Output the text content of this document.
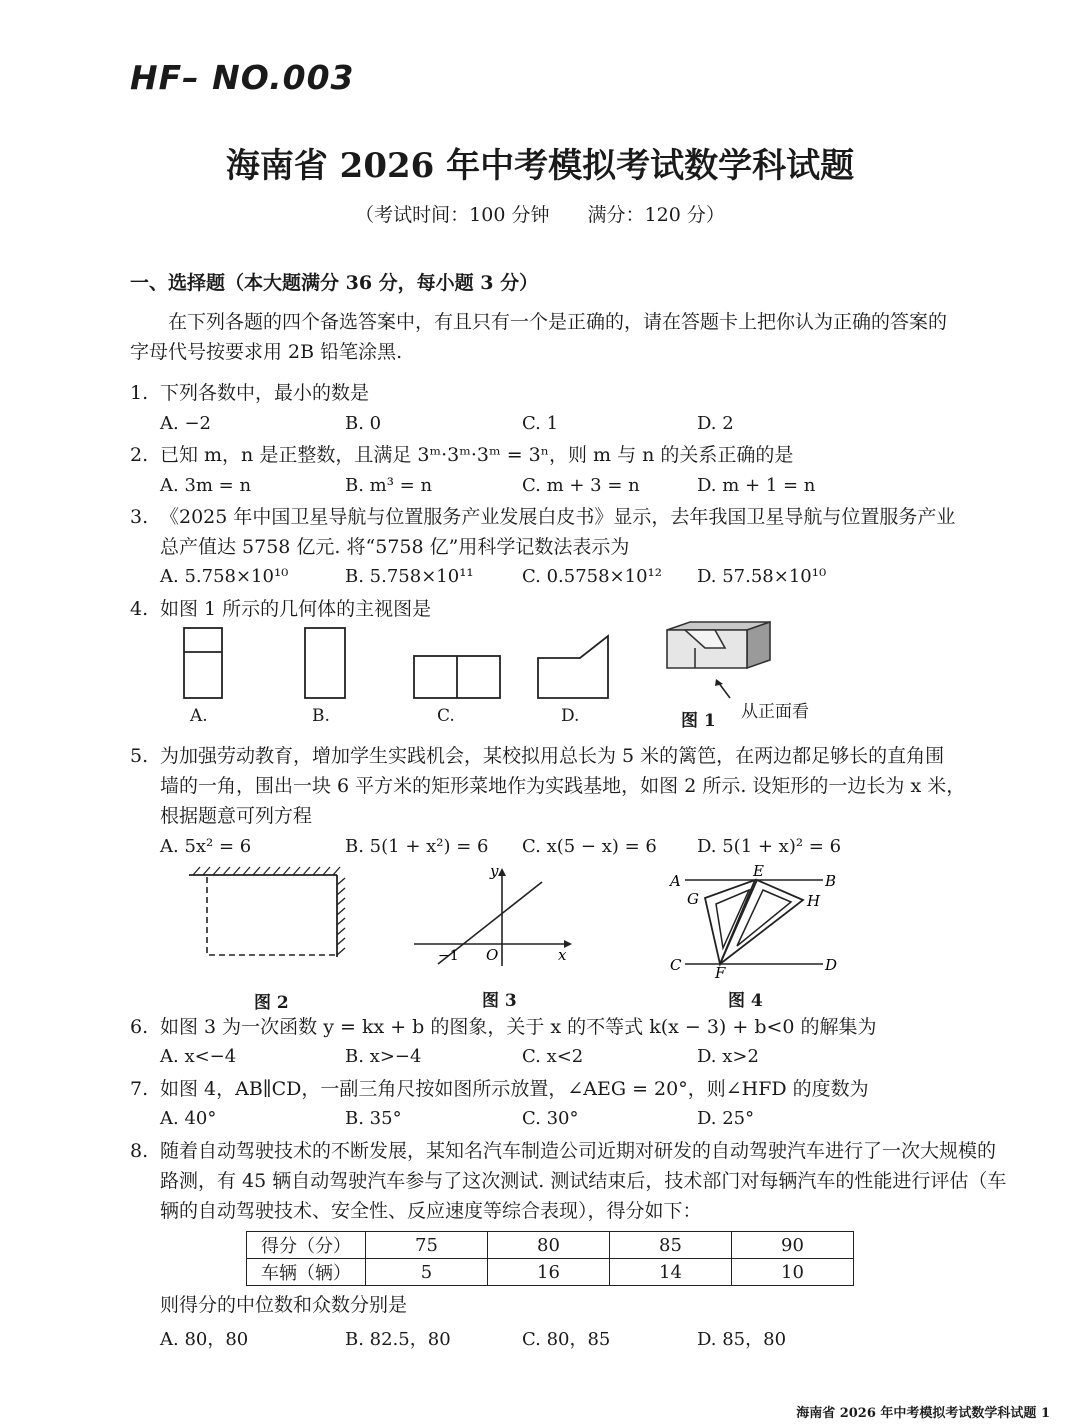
HF– NO.003
海南省 2026 年中考模拟考试数学科试题
（考试时间：100 分钟 满分：120 分）
一、选择题（本大题满分 36 分，每小题 3 分）
在下列各题的四个备选答案中，有且只有一个是正确的，请在答题卡上把你认为正确的答案的
字母代号按要求用 2B 铅笔涂黑.
1. 下列各数中，最小的数是
A. −2	B. 0	C. 1	D. 2
2. 已知 m，n 是正整数，且满足 3ᵐ·3ᵐ·3ᵐ = 3ⁿ，则 m 与 n 的关系正确的是
A. 3m = n	B. m³ = n	C. m + 3 = n	D. m + 1 = n
3. 《2025 年中国卫星导航与位置服务产业发展白皮书》显示，去年我国卫星导航与位置服务产业
总产值达 5758 亿元. 将“5758 亿”用科学记数法表示为
A. 5.758×10¹⁰	B. 5.758×10¹¹	C. 0.5758×10¹² D. 57.58×10¹⁰
4. 如图 1 所示的几何体的主视图是
A.	B.	C.	D.	图 1 从正面看
5. 为加强劳动教育，增加学生实践机会，某校拟用总长为 5 米的篱笆，在两边都足够长的直角围
墙的一角，围出一块 6 平方米的矩形菜地作为实践基地，如图 2 所示. 设矩形的一边长为 x 米，
根据题意可列方程
A. 5x² = 6	B. 5(1 + x²) = 6 C. x(5 − x) = 6 D. 5(1 + x)² = 6
图 2
y
x
O
−1
图 3
A	B
C	D
E
F
G	H
图 4
6. 如图 3 为一次函数 y = kx + b 的图象，关于 x 的不等式 k(x − 3) + b<0 的解集为
A. x<−4	B. x>−4	C. x<2	D. x>2
7. 如图 4，AB∥CD，一副三角尺按如图所示放置，∠AEG = 20°，则∠HFD 的度数为
A. 40°	B. 35°	C. 30°	D. 25°
8. 随着自动驾驶技术的不断发展，某知名汽车制造公司近期对研发的自动驾驶汽车进行了一次大规模的
路测，有 45 辆自动驾驶汽车参与了这次测试. 测试结束后，技术部门对每辆汽车的性能进行评估（车
辆的自动驾驶技术、安全性、反应速度等综合表现），得分如下：
得分（分）	75	80	85	90
车辆（辆）	5	16	14	10
则得分的中位数和众数分别是
A. 80，80	B. 82.5，80	C. 80，85	D. 85，80
海南省 2026 年中考模拟考试数学科试题 1
